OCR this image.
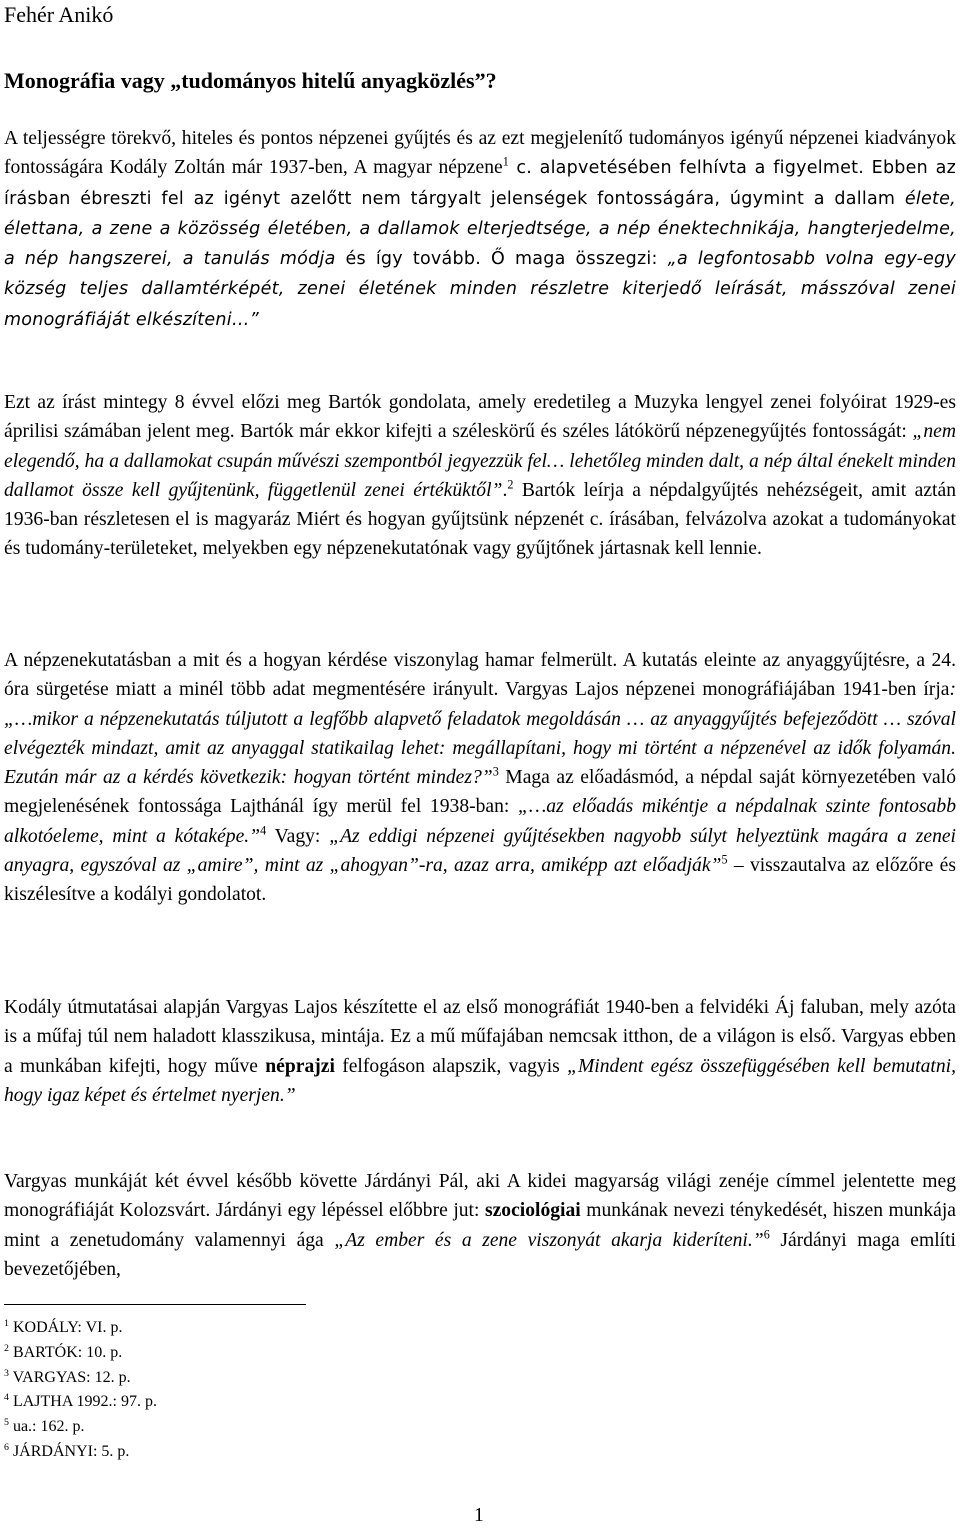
Fehér Anikó
Monográfia vagy „tudományos hitelű anyagközlés”?

A teljességre törekvő, hiteles és pontos népzenei gyűjtés és az ezt megjelenítő tudományos igényű népzenei kiadványok fontosságára Kodály Zoltán már 1937-ben, A magyar népzene$^1$ c. alapvetésében felhívta a figyelmet. Ebben az írásban ébreszti fel az igényt azelőtt nem tárgyalt jelenségek fontosságára, úgymint a dallam élete, élettana, a zene a közösség életében, a dallamok elterjedtsége, a nép énektechnikája, hangterjedelme, a nép hangszerei, a tanulás módja és így tovább. Ő maga összegzi: „a legfontosabb volna egy-egy község teljes dallamtérképét, zenei életének minden részletre kiterjedő leírását, másszóval zenei monográfiáját elkészíteni…”

Ezt az írást mintegy 8 évvel előzi meg Bartók gondolata, amely eredetileg a Muzyka lengyel zenei folyóirat 1929-es áprilisi számában jelent meg. Bartók már ekkor kifejti a széleskörű és széles látókörű népzenegyűjtés fontosságát: „nem elegendő, ha a dallamokat csupán művészi szempontból jegyezzük fel… lehetőleg minden dalt, a nép által énekelt minden dallamot össze kell gyűjtenünk, függetlenül zenei értéküktől”.$^2$ Bartók leírja a népdalgyűjtés nehézségeit, amit aztán 1936-ban részletesen el is magyaráz Miért és hogyan gyűjtsünk népzenét c. írásában, felvázolva azokat a tudományokat és tudomány-területeket, melyekben egy népzenekutatónak vagy gyűjtőnek jártasnak kell lennie.

A népzenekutatásban a mit és a hogyan kérdése viszonylag hamar felmerült. A kutatás eleinte az anyaggyűjtésre, a 24. óra sürgetése miatt a minél több adat megmentésére irányult. Vargyas Lajos népzenei monográfiájában 1941-ben írja: „…mikor a népzenekutatás túljutott a legfőbb alapvető feladatok megoldásán … az anyaggyűjtés befejeződött … szóval elvégezték mindazt, amit az anyaggal statikailag lehet: megállapítani, hogy mi történt a népzenével az idők folyamán. Ezután már az a kérdés következik: hogyan történt mindez?”$^3$ Maga az előadásmód, a népdal saját környezetében való megjelenésének fontossága Lajthánál így merül fel 1938-ban: „…az előadás mikéntje a népdalnak szinte fontosabb alkotóeleme, mint a kótaképe.”$^4$ Vagy: „Az eddigi népzenei gyűjtésekben nagyobb súlyt helyeztünk magára a zenei anyagra, egyszóval az „amire”, mint az „ahogyan”-ra, azaz arra, amiképp azt előadják”$^5$ – visszautalva az előzőre és kiszélesítve a kodályi gondolatot.

Kodály útmutatásai alapján Vargyas Lajos készítette el az első monográfiát 1940-ben a felvidéki Áj faluban, mely azóta is a műfaj túl nem haladott klasszikusa, mintája. Ez a mű műfajában nemcsak itthon, de a világon is első. Vargyas ebben a munkában kifejti, hogy műve néprajzi felfogáson alapszik, vagyis „Mindent egész összefüggésében kell bemutatni, hogy igaz képet és értelmet nyerjen.”

Vargyas munkáját két évvel később követte Járdányi Pál, aki A kidei magyarság világi zenéje címmel jelentette meg monográfiáját Kolozsvárt. Járdányi egy lépéssel előbbre jut: szociológiai munkának nevezi ténykedését, hiszen munkája mint a zenetudomány valamennyi ága „Az ember és a zene viszonyát akarja kideríteni.”$^6$ Járdányi maga említi bevezetőjében,

$^1$ KODÁLY: VI. p.
$^2$ BARTÓK: 10. p.
$^3$ VARGYAS: 12. p.
$^4$ LAJTHA 1992.: 97. p.
$^5$ ua.: 162. p.
$^6$ JÁRDÁNYI: 5. p.
1
